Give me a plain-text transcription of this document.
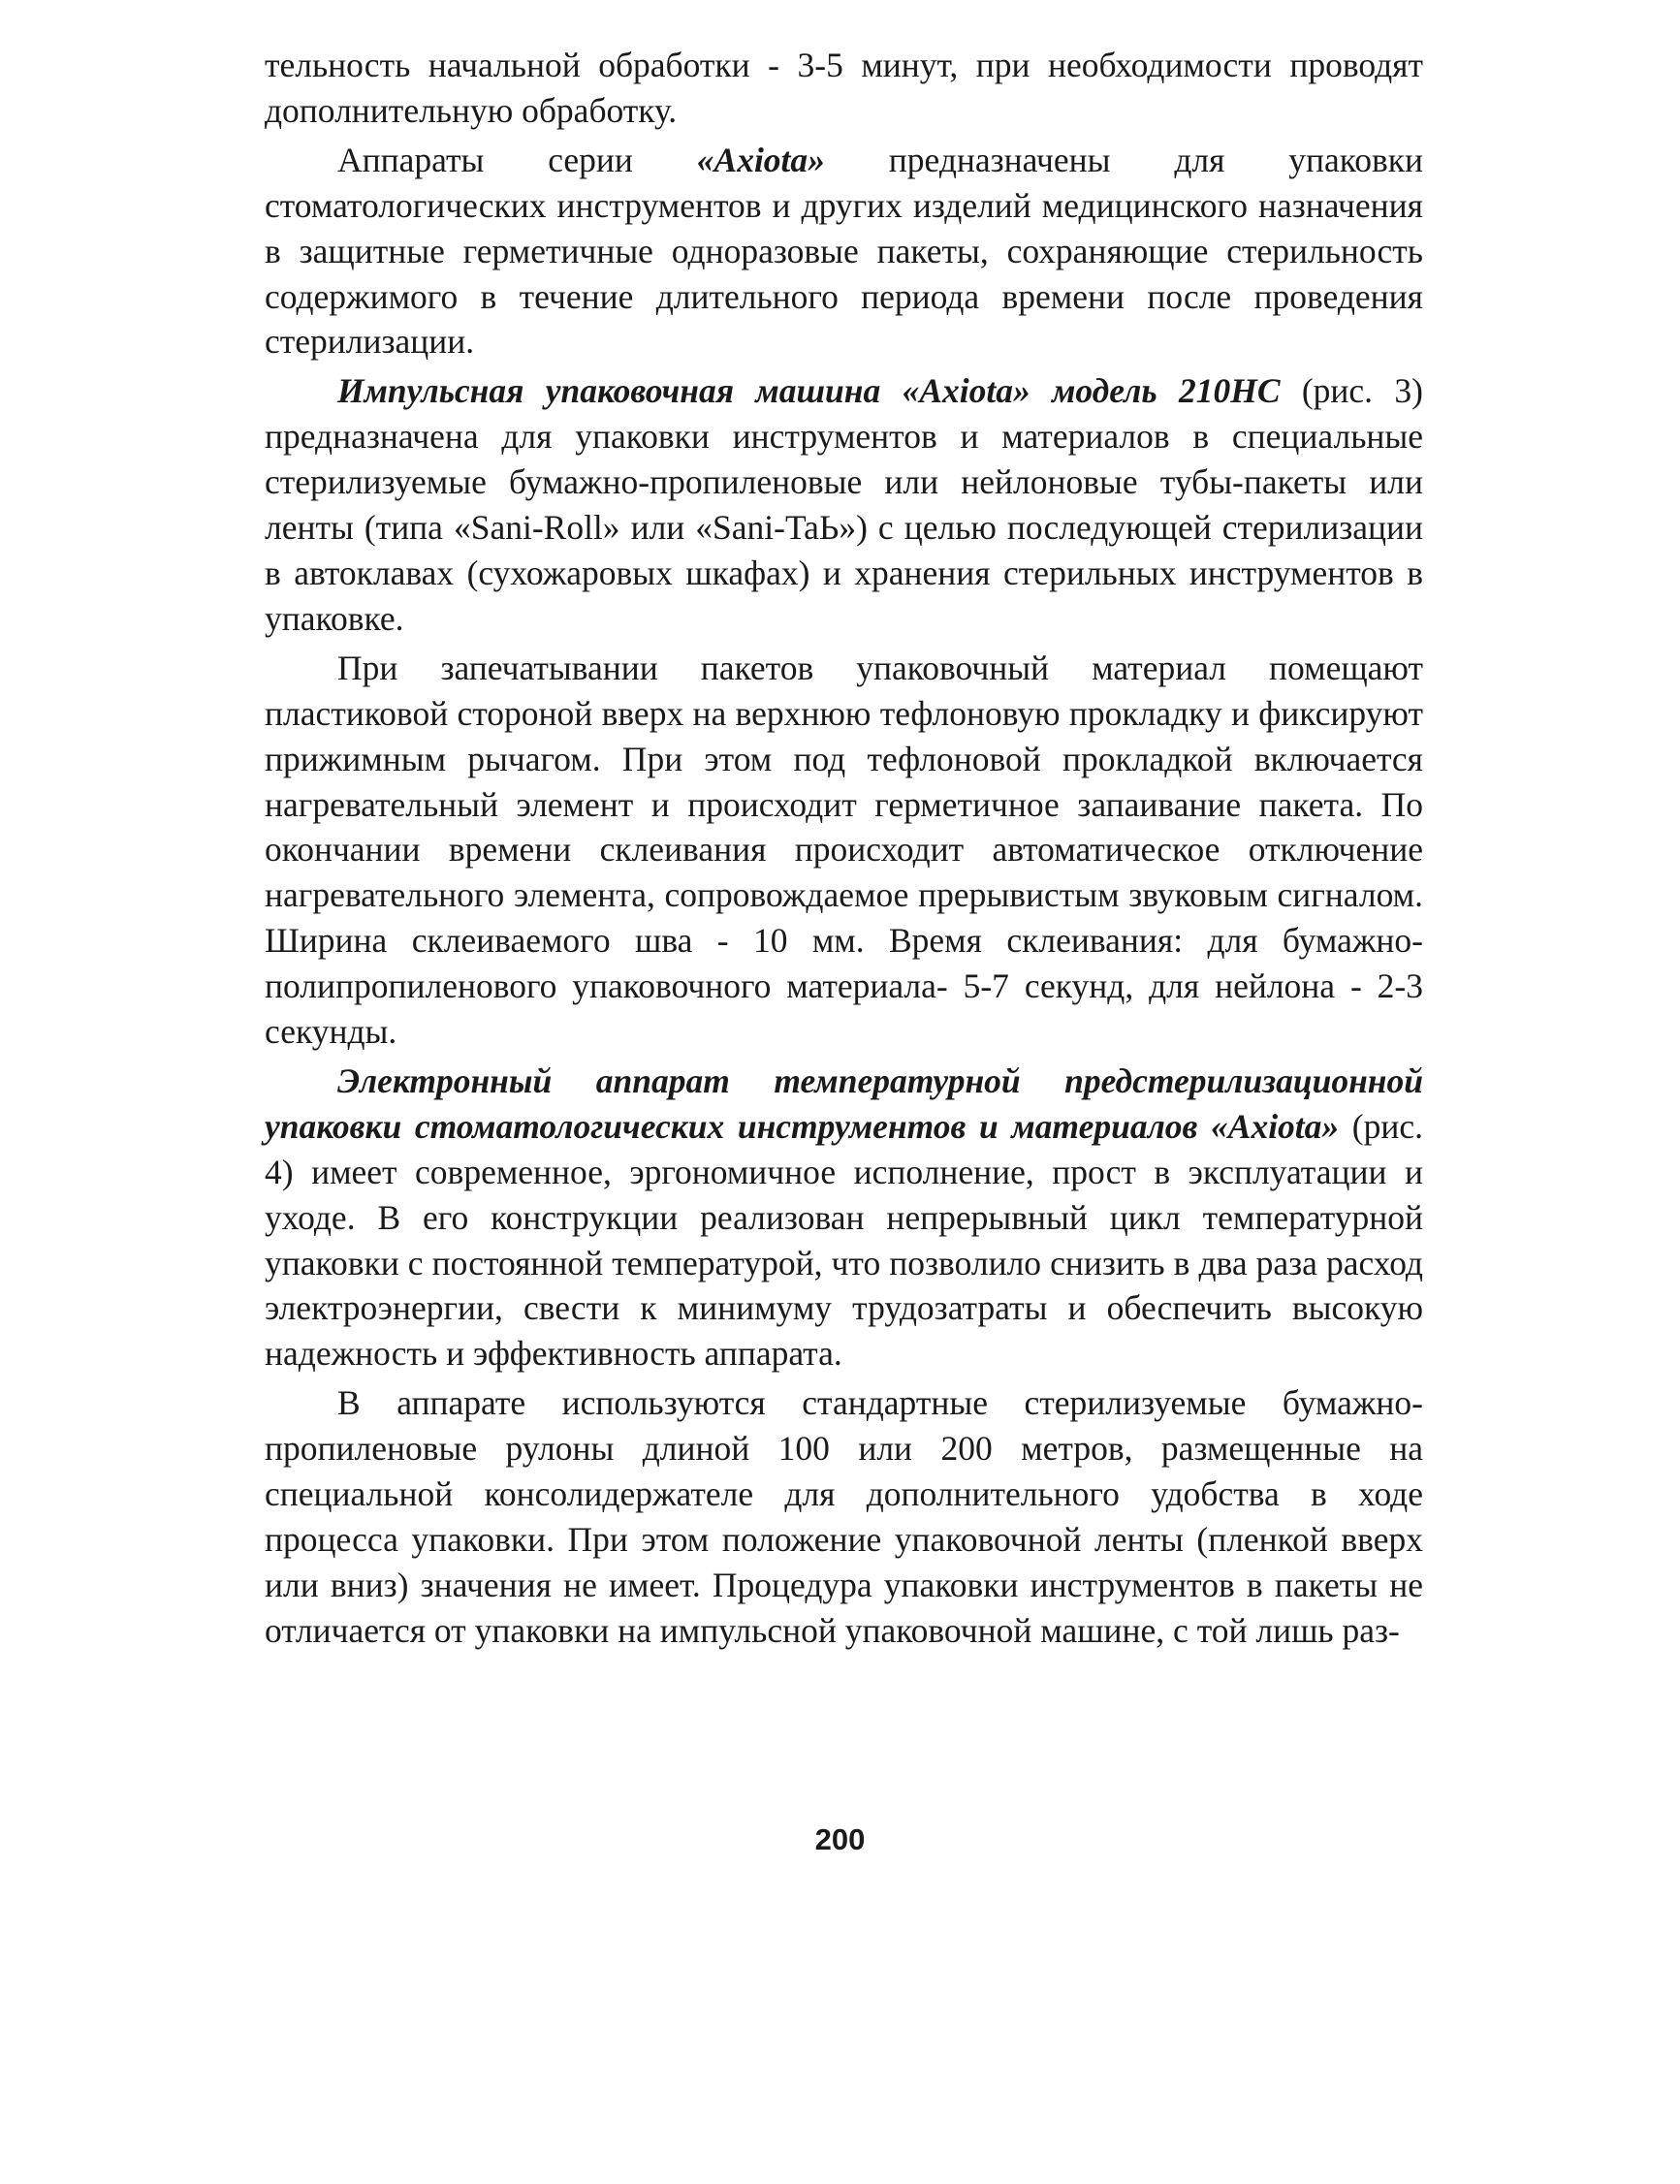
тельность начальной обработки - 3-5 минут, при необходимости проводят дополнительную обработку.

Аппараты серии «Axiota» предназначены для упаковки стоматологических инструментов и других изделий медицинского назначения в защитные герметичные одноразовые пакеты, сохраняющие стерильность содержимого в течение длительного периода времени после проведения стерилизации.

Импульсная упаковочная машина «Axiota» модель 210НС (рис. 3) предназначена для упаковки инструментов и материалов в специальные стерилизуемые бумажно-пропиленовые или нейлоновые тубы-пакеты или ленты (типа «Sani-Roll» или «Sani-TaЬ») с целью последующей стерилизации в автоклавах (сухожаровых шкафах) и хранения стерильных инструментов в упаковке.

При запечатывании пакетов упаковочный материал помещают пластиковой стороной вверх на верхнюю тефлоновую прокладку и фиксируют прижимным рычагом. При этом под тефлоновой прокладкой включается нагревательный элемент и происходит герметичное запаивание пакета. По окончании времени склеивания происходит автоматическое отключение нагревательного элемента, сопровождаемое прерывистым звуковым сигналом. Ширина склеиваемого шва - 10 мм. Время склеивания: для бумажно-полипропиленового упаковочного материала- 5-7 секунд, для нейлона - 2-3 секунды.

Электронный аппарат температурной предстерилизационной упаковки стоматологических инструментов и материалов «Axiota» (рис. 4) имеет современное, эргономичное исполнение, прост в эксплуатации и уходе. В его конструкции реализован непрерывный цикл температурной упаковки с постоянной температурой, что позволило снизить в два раза расход электроэнергии, свести к минимуму трудозатраты и обеспечить высокую надежность и эффективность аппарата.

В аппарате используются стандартные стерилизуемые бумажно-пропиленовые рулоны длиной 100 или 200 метров, размещенные на специальной консолидержателе для дополнительного удобства в ходе процесса упаковки. При этом положение упаковочной ленты (пленкой вверх или вниз) значения не имеет. Процедура упаковки инструментов в пакеты не отличается от упаковки на импульсной упаковочной машине, с той лишь раз-

200
